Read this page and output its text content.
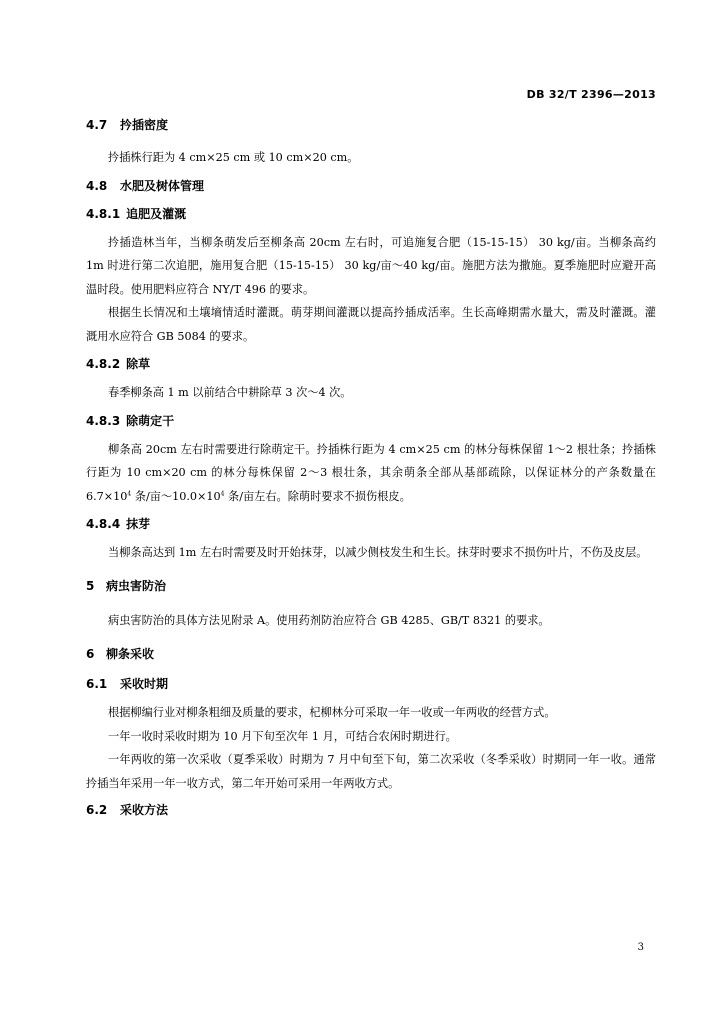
DB 32/T 2396—2013
4.7	扲插密度

扲插株行距为 4 cm×25 cm 或 10 cm×20 cm。

4.8	水肥及树体管理
4.8.1 追肥及灌溉

扲插造林当年，当柳条萌发后至柳条高 20cm 左右时，可追施复合肥（15-15-15） 30 kg/亩。当柳条高约 1m 时进行第二次追肥，施用复合肥（15-15-15） 30 kg/亩～40 kg/亩。施肥方法为撒施。夏季施肥时应避开高温时段。使用肥料应符合 NY/T 496 的要求。

根据生长情况和土壤墒情适时灌溉。萌芽期间灌溉以提高扲插成活率。生长高峰期需水量大，需及时灌溉。灌溉用水应符合 GB 5084 的要求。

4.8.2 除草

春季柳条高 1 m 以前结合中耕除草 3 次～4 次。

4.8.3 除萌定干

柳条高 20cm 左右时需要进行除萌定干。扲插株行距为 4 cm×25 cm 的林分每株保留 1～2 根壮条；扲插株行距为 10 cm×20 cm 的林分每株保留 2～3 根壮条，其余萌条全部从基部疏除，以保证林分的产条数量在 $6.7\times 10^4$ 条/亩$\sim 10.0\times 10^4$ 条/亩左右。除萌时要求不损伤根皮。

4.8.4 抹芽

当柳条高达到 1m 左右时需要及时开始抹芽，以减少侧枝发生和生长。抹芽时要求不损伤叶片，不伤及皮层。

5 病虫害防治

病虫害防治的具体方法见附录 A。使用药剂防治应符合 GB 4285、GB/T 8321 的要求。

6 柳条采收
6.1	采收时期

根据柳编行业对柳条粗细及质量的要求，杞柳林分可采取一年一收或一年两收的经营方式。

一年一收时采收时期为 10 月下旬至次年 1 月，可结合农闲时期进行。

一年两收的第一次采收（夏季采收）时期为 7 月中旬至下旬，第二次采收（冬季采收）时期同一年一收。通常扲插当年采用一年一收方式，第二年开始可采用一年两收方式。

6.2	采收方法
3
